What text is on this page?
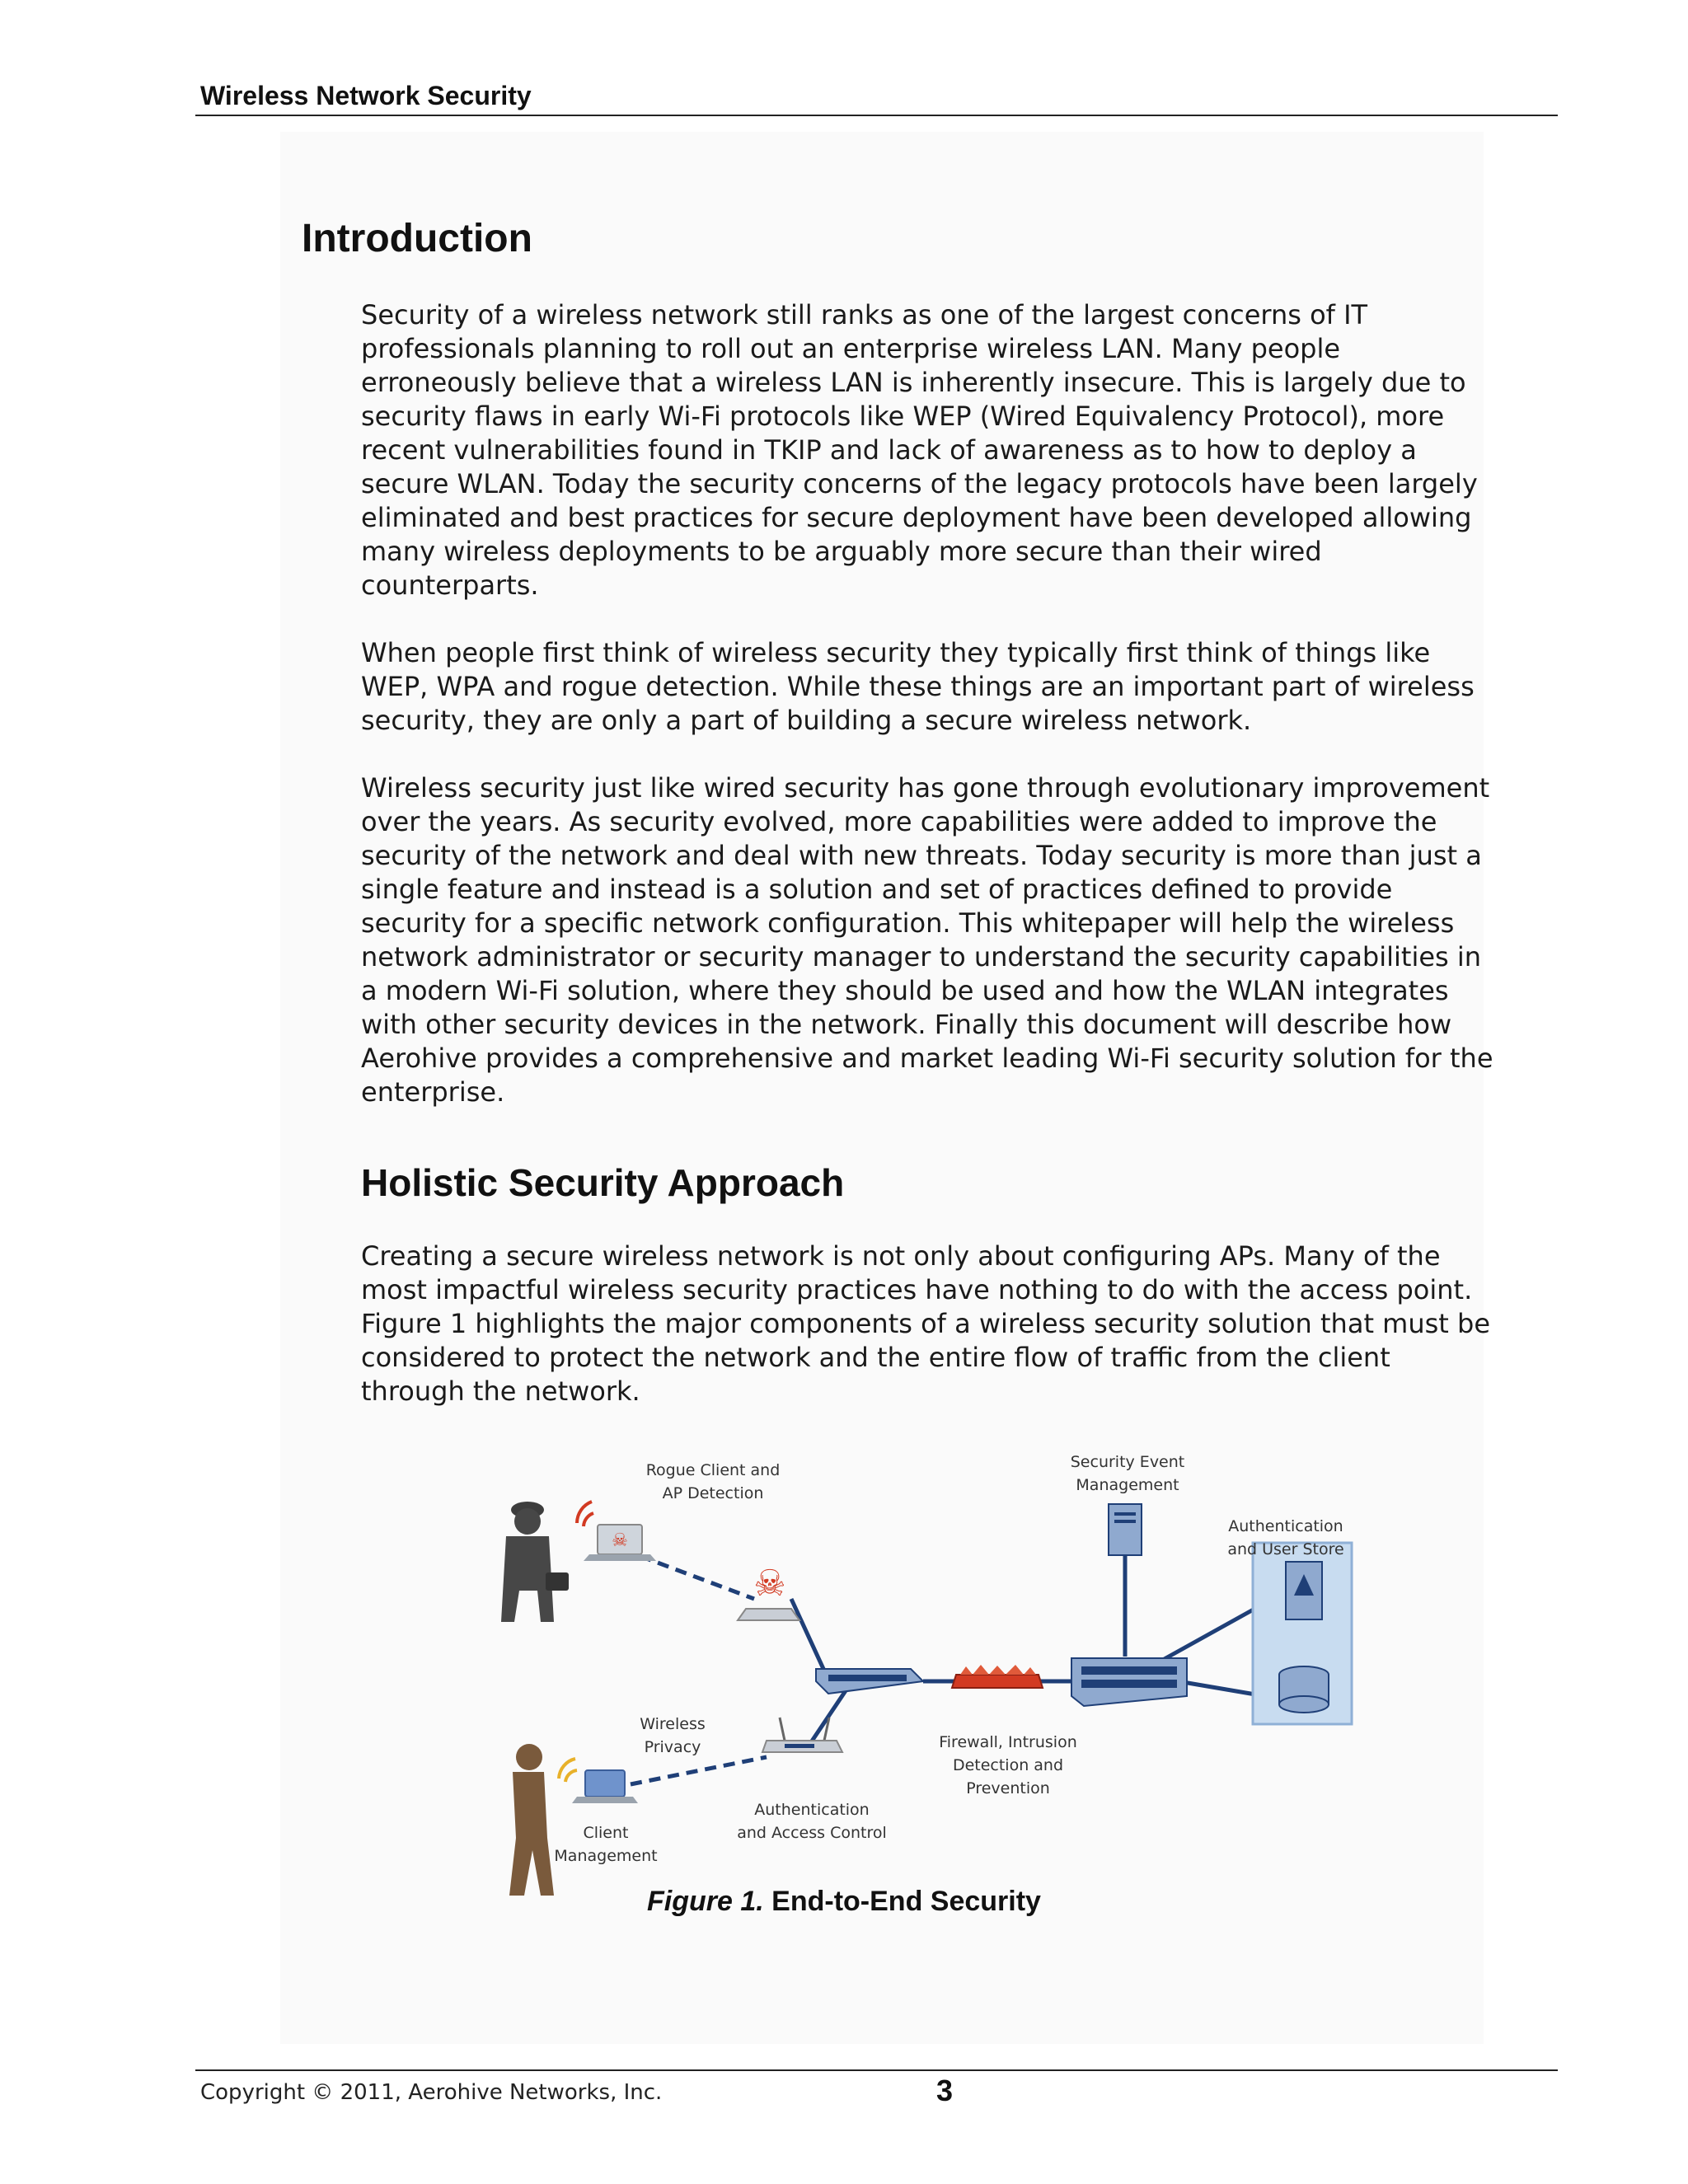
Wireless Network Security
Introduction

Security of a wireless network still ranks as one of the largest concerns of IT professionals planning to roll out an enterprise wireless LAN. Many people erroneously believe that a wireless LAN is inherently insecure. This is largely due to security flaws in early Wi-Fi protocols like WEP (Wired Equivalency Protocol), more recent vulnerabilities found in TKIP and lack of awareness as to how to deploy a secure WLAN. Today the security concerns of the legacy protocols have been largely eliminated and best practices for secure deployment have been developed allowing many wireless deployments to be arguably more secure than their wired counterparts.

When people first think of wireless security they typically first think of things like WEP, WPA and rogue detection. While these things are an important part of wireless security, they are only a part of building a secure wireless network.

Wireless security just like wired security has gone through evolutionary improvement over the years. As security evolved, more capabilities were added to improve the security of the network and deal with new threats. Today security is more than just a single feature and instead is a solution and set of practices defined to provide security for a specific network configuration. This whitepaper will help the wireless network administrator or security manager to understand the security capabilities in a modern Wi-Fi solution, where they should be used and how the WLAN integrates with other security devices in the network. Finally this document will describe how Aerohive provides a comprehensive and market leading Wi-Fi security solution for the enterprise.

Holistic Security Approach

Creating a secure wireless network is not only about configuring APs. Many of the most impactful wireless security practices have nothing to do with the access point. Figure 1 highlights the major components of a wireless security solution that must be considered to protect the network and the entire flow of traffic from the client through the network.

☠
☠
Rogue Client and
AP Detection
Security Event
Management
Authentication
and User Store
Wireless
Privacy	Firewall, Intrusion
Detection and
Prevention
Authentication
and Access Control
Client
Management
Figure 1. End-to-End Security
Copyright © 2011, Aerohive Networks, Inc.	3
